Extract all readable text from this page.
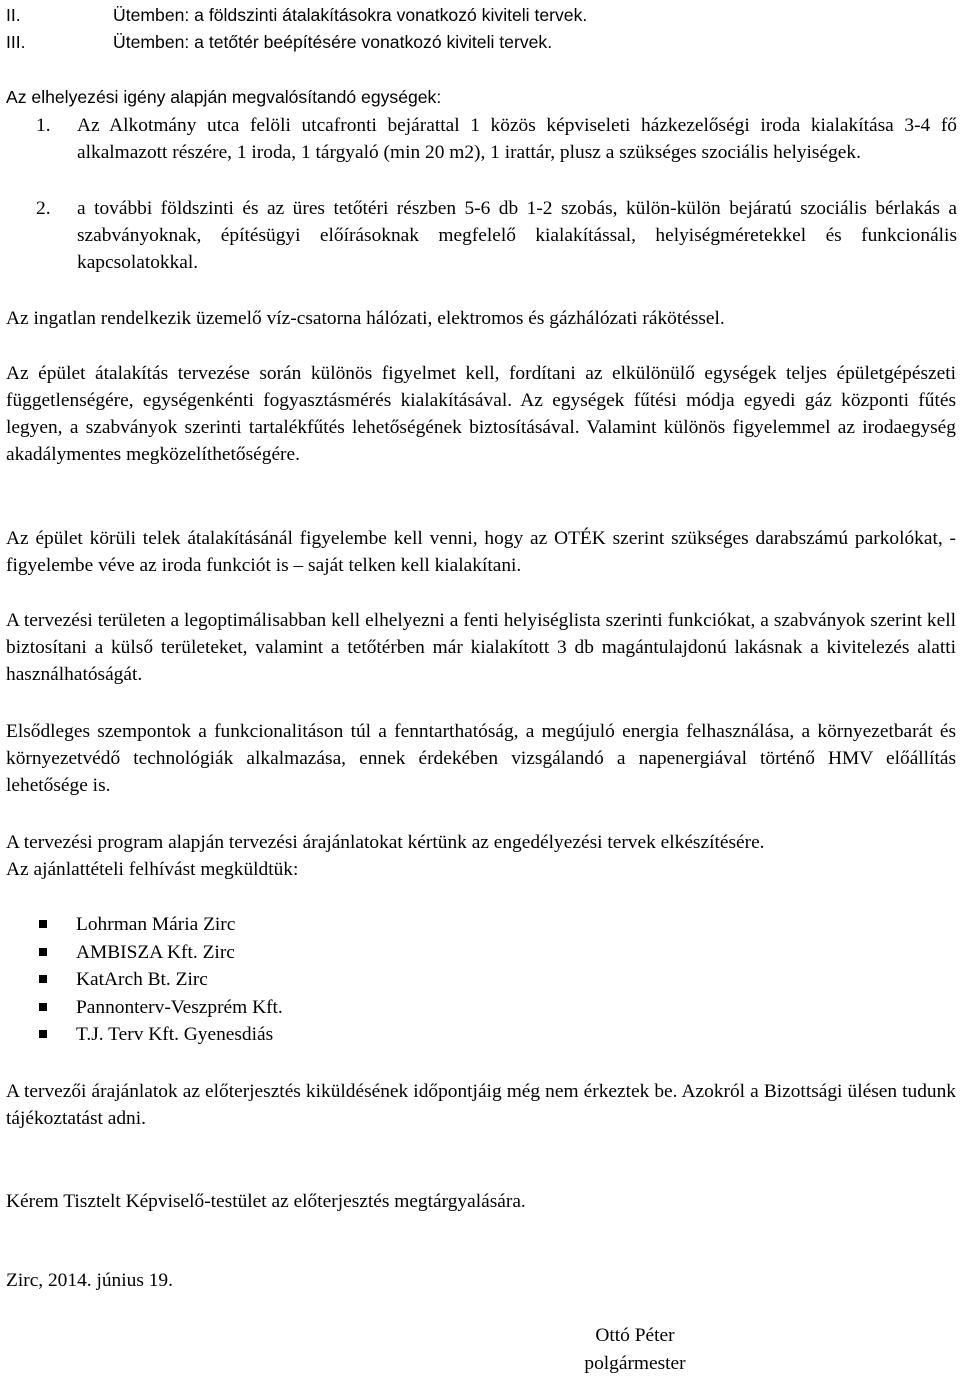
II.	Ütemben: a földszinti átalakításokra vonatkozó kiviteli tervek.
III.	Ütemben: a tetőtér beépítésére vonatkozó kiviteli tervek.
Az elhelyezési igény alapján megvalósítandó egységek:
1.	Az Alkotmány utca felöli utcafronti bejárattal 1 közös képviseleti házkezelőségi iroda kialakítása 3-4 fő alkalmazott részére, 1 iroda, 1 tárgyaló (min 20 m2), 1 irattár, plusz a szükséges szociális helyiségek.
2.	a további földszinti és az üres tetőtéri részben 5-6 db 1-2 szobás, külön-külön bejáratú szociális bérlakás a szabványoknak, építésügyi előírásoknak megfelelő kialakítással, helyiségméretekkel és funkcionális kapcsolatokkal.
Az ingatlan rendelkezik üzemelő víz-csatorna hálózati, elektromos és gázhálózati rákötéssel.
Az épület átalakítás tervezése során különös figyelmet kell, fordítani az elkülönülő egységek teljes épületgépészeti függetlenségére, egységenkénti fogyasztásmérés kialakításával. Az egységek fűtési módja egyedi gáz központi fűtés legyen, a szabványok szerinti tartalékfűtés lehetőségének biztosításával. Valamint különös figyelemmel az irodaegység akadálymentes megközelíthetőségére.
Az épület körüli telek átalakításánál figyelembe kell venni, hogy az OTÉK szerint szükséges darabszámú parkolókat, - figyelembe véve az iroda funkciót is – saját telken kell kialakítani.
A tervezési területen a legoptimálisabban kell elhelyezni a fenti helyiséglista szerinti funkciókat, a szabványok szerint kell biztosítani a külső területeket, valamint a tetőtérben már kialakított 3 db magántulajdonú lakásnak a kivitelezés alatti használhatóságát.
Elsődleges szempontok a funkcionalitáson túl a fenntarthatóság, a megújuló energia felhasználása, a környezetbarát és környezetvédő technológiák alkalmazása, ennek érdekében vizsgálandó a napenergiával történő HMV előállítás lehetősége is.
A tervezési program alapján tervezési árajánlatokat kértünk az engedélyezési tervek elkészítésére.
Az ajánlattételi felhívást megküldtük:
Lohrman Mária Zirc
AMBISZA Kft. Zirc
KatArch Bt. Zirc
Pannonterv-Veszprém Kft.
T.J. Terv Kft. Gyenesdiás
A tervezői árajánlatok az előterjesztés kiküldésének időpontjáig még nem érkeztek be. Azokról a Bizottsági ülésen tudunk tájékoztatást adni.
Kérem Tisztelt Képviselő-testület az előterjesztés megtárgyalására.
Zirc, 2014. június 19.
Ottó Péter
polgármester
